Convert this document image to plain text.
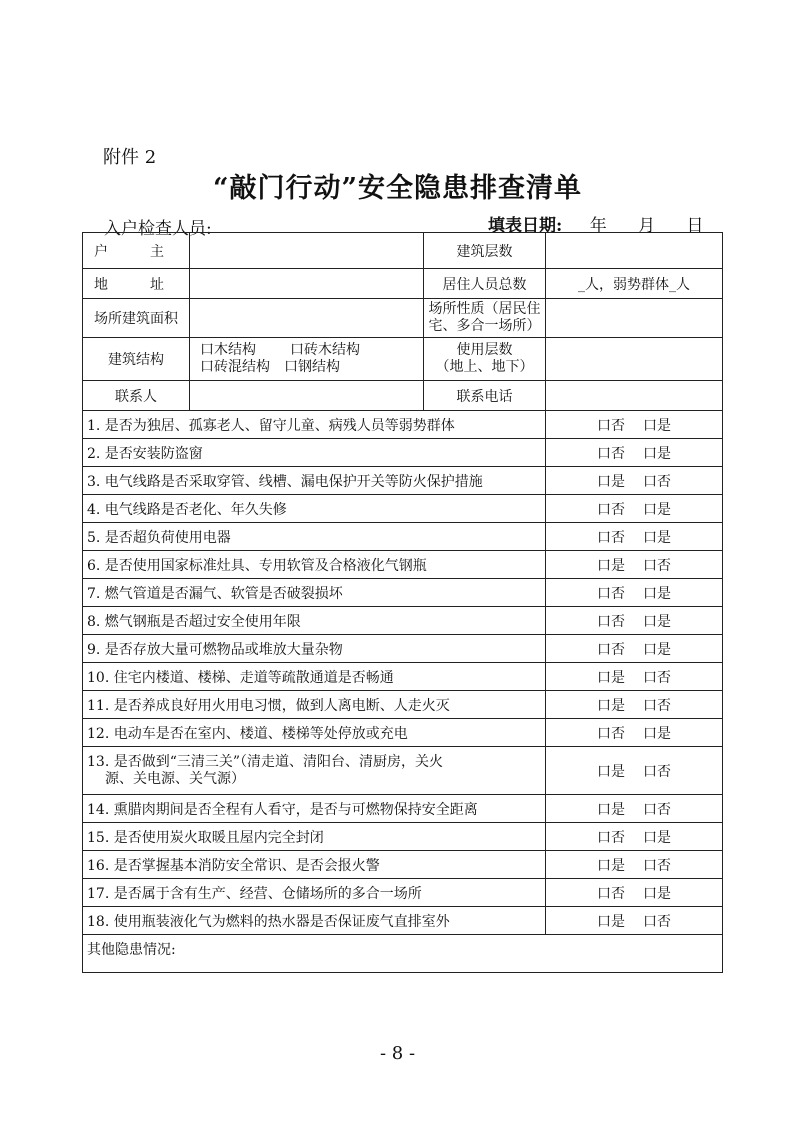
附件 2
“敲门行动”安全隐患排查清单
入户检查人员:	填表日期: 年 月 日
户　主		建筑层数	
地　址		居住人员总数	_人，弱势群体_人
场所建筑面积		场所性质（居民住
宅、多合一场所）	
建筑结构	口木结构 口砖木结构
口砖混结构 口钢结构	使用层数
（地上、地下）	
联系人		联系电话	
1. 是否为独居、孤寡老人、留守儿童、病残人员等弱势群体			口否 口是
2. 是否安装防盗窗			口否 口是
3. 电气线路是否采取穿管、线槽、漏电保护开关等防火保护措施			口是 口否
4. 电气线路是否老化、年久失修			口否 口是
5. 是否超负荷使用电器			口否 口是
6. 是否使用国家标准灶具、专用软管及合格液化气钢瓶			口是 口否
7. 燃气管道是否漏气、软管是否破裂损坏			口否 口是
8. 燃气钢瓶是否超过安全使用年限			口否 口是
9. 是否存放大量可燃物品或堆放大量杂物			口否 口是
10. 住宅内楼道、楼梯、走道等疏散通道是否畅通			口是 口否
11. 是否养成良好用火用电习惯，做到人离电断、人走火灭			口是 口否
12. 电动车是否在室内、楼道、楼梯等处停放或充电			口否 口是
13. 是否做到“三清三关”（清走道、清阳台、清厨房，关火
源、关电源、关气源）			口是 口否
14. 熏腊肉期间是否全程有人看守，是否与可燃物保持安全距离			口是 口否
15. 是否使用炭火取暖且屋内完全封闭			口否 口是
16. 是否掌握基本消防安全常识、是否会报火警			口是 口否
17. 是否属于含有生产、经营、仓储场所的多合一场所			口否 口是
18. 使用瓶装液化气为燃料的热水器是否保证废气直排室外			口是 口否
其他隐患情况:			
- 8 -
